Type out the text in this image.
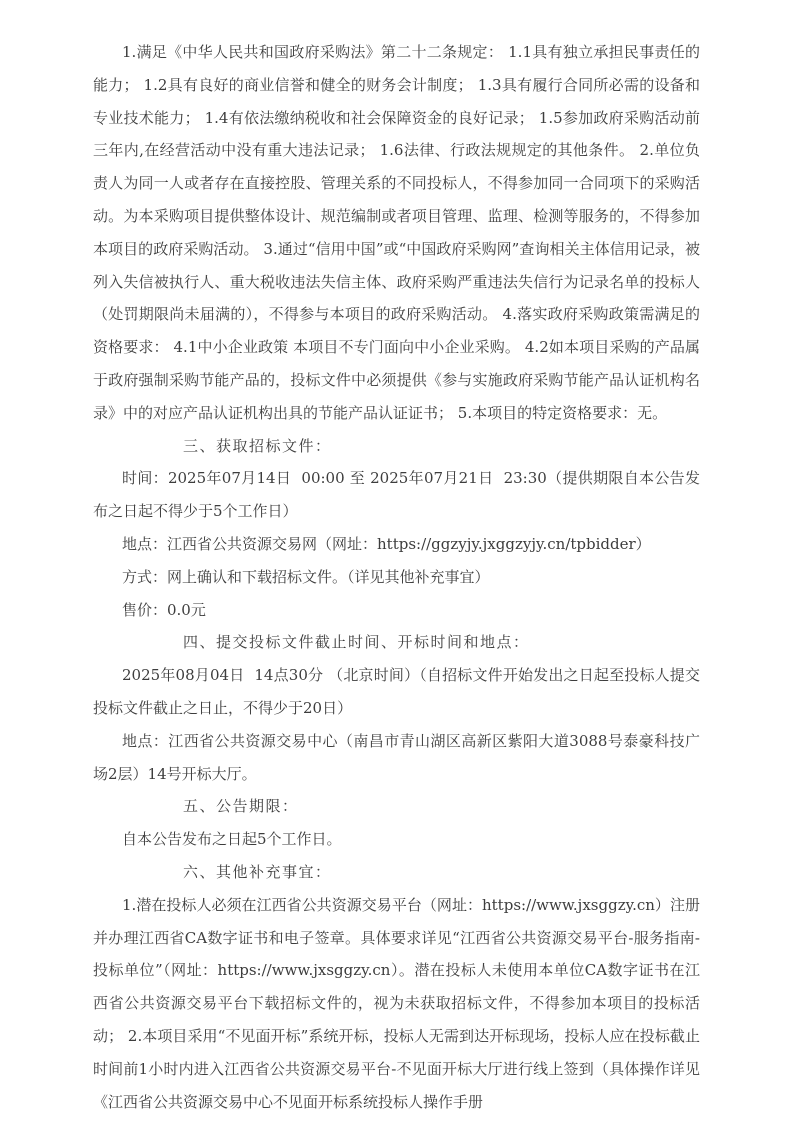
1.满足《中华人民共和国政府采购法》第二十二条规定： 1.1具有独立承担民事责任的能力； 1.2具有良好的商业信誉和健全的财务会计制度； 1.3具有履行合同所必需的设备和专业技术能力； 1.4有依法缴纳税收和社会保障资金的良好记录； 1.5参加政府采购活动前三年内,在经营活动中没有重大违法记录； 1.6法律、行政法规规定的其他条件。 2.单位负责人为同一人或者存在直接控股、管理关系的不同投标人，不得参加同一合同项下的采购活动。为本采购项目提供整体设计、规范编制或者项目管理、监理、检测等服务的，不得参加本项目的政府采购活动。 3.通过“信用中国”或“中国政府采购网”查询相关主体信用记录，被列入失信被执行人、重大税收违法失信主体、政府采购严重违法失信行为记录名单的投标人（处罚期限尚未届满的），不得参与本项目的政府采购活动。 4.落实政府采购政策需满足的资格要求： 4.1中小企业政策 本项目不专门面向中小企业采购。 4.2如本项目采购的产品属于政府强制采购节能产品的，投标文件中必须提供《参与实施政府采购节能产品认证机构名录》中的对应产品认证机构出具的节能产品认证证书； 5.本项目的特定资格要求：无。

三、获取招标文件：

时间：2025年07月14日  00:00 至 2025年07月21日  23:30（提供期限自本公告发布之日起不得少于5个工作日）

地点：江西省公共资源交易网（网址：https://ggzyjy.jxggzyjy.cn/tpbidder）

方式：网上确认和下载招标文件。（详见其他补充事宜）

售价：0.0元

四、提交投标文件截止时间、开标时间和地点：

2025年08月04日  14点30分 （北京时间）（自招标文件开始发出之日起至投标人提交投标文件截止之日止，不得少于20日）

地点：江西省公共资源交易中心（南昌市青山湖区高新区紫阳大道3088号泰豪科技广场2层）14号开标大厅。

五、公告期限：

自本公告发布之日起5个工作日。

六、其他补充事宜：

1.潜在投标人必须在江西省公共资源交易平台（网址：https://www.jxsggzy.cn）注册并办理江西省CA数字证书和电子签章。具体要求详见“江西省公共资源交易平台-服务指南-投标单位”（网址：https://www.jxsggzy.cn）。潜在投标人未使用本单位CA数字证书在江西省公共资源交易平台下载招标文件的，视为未获取招标文件，不得参加本项目的投标活动； 2.本项目采用“不见面开标”系统开标，投标人无需到达开标现场，投标人应在投标截止时间前1小时内进入江西省公共资源交易平台-不见面开标大厅进行线上签到（具体操作详见《江西省公共资源交易中心不见面开标系统投标人操作手册
